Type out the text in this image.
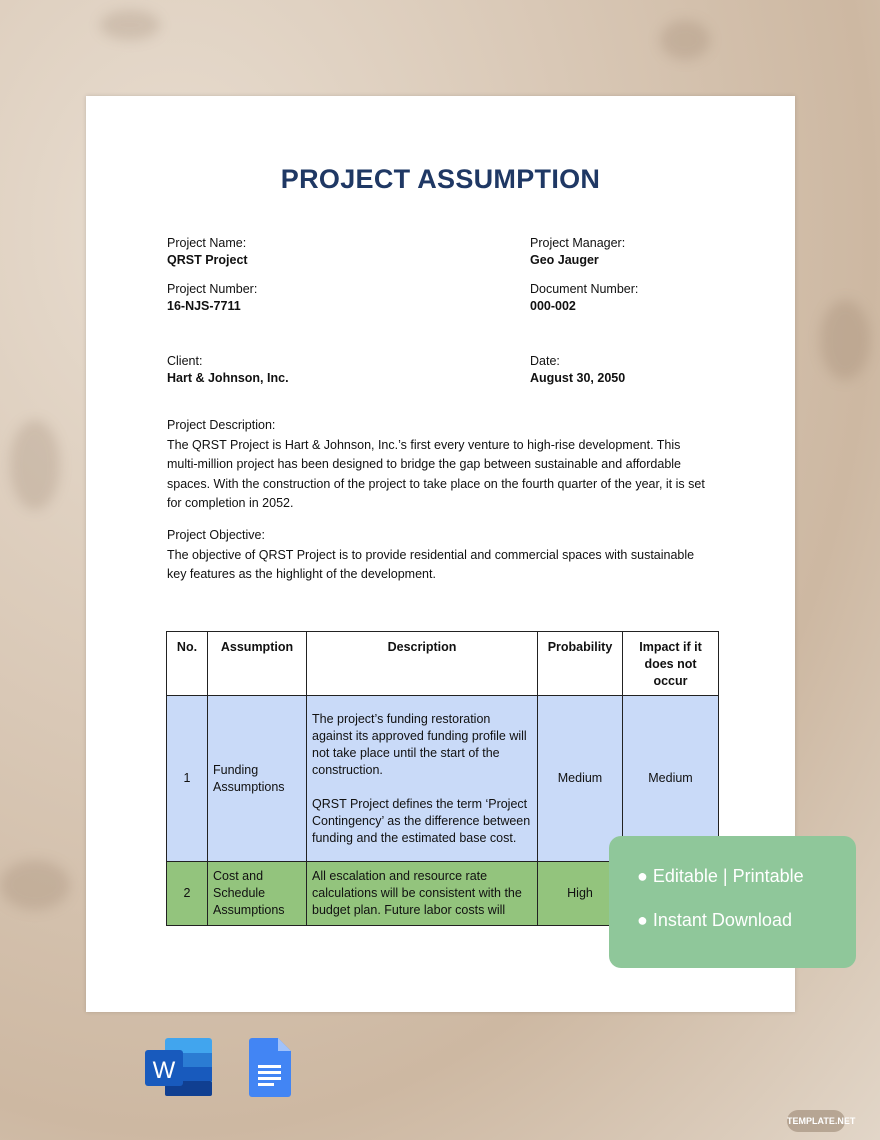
PROJECT ASSUMPTION
Project Name:
QRST Project
Project Manager:
Geo Jauger
Project Number:
16-NJS-7711
Document Number:
000-002
Client:
Hart & Johnson, Inc.
Date:
August 30, 2050
Project Description:
The QRST Project is Hart & Johnson, Inc.’s first every venture to high-rise development. This multi-million project has been designed to bridge the gap between sustainable and affordable spaces. With the construction of the project to take place on the fourth quarter of the year, it is set for completion in 2052.
Project Objective:
The objective of QRST Project is to provide residential and commercial spaces with sustainable key features as the highlight of the development.
No.	Assumption	Description	Probability	Impact if it does not occur
1	Funding Assumptions	The project’s funding restoration against its approved funding profile will not take place until the start of the construction.
QRST Project defines the term ‘Project Contingency’ as the difference between funding and the estimated base cost.	Medium	Medium
2	Cost and Schedule Assumptions	All escalation and resource rate calculations will be consistent with the budget plan. Future labor costs will	High	
● Editable | Printable
● Instant Download
W
TEMPLATE.NET
